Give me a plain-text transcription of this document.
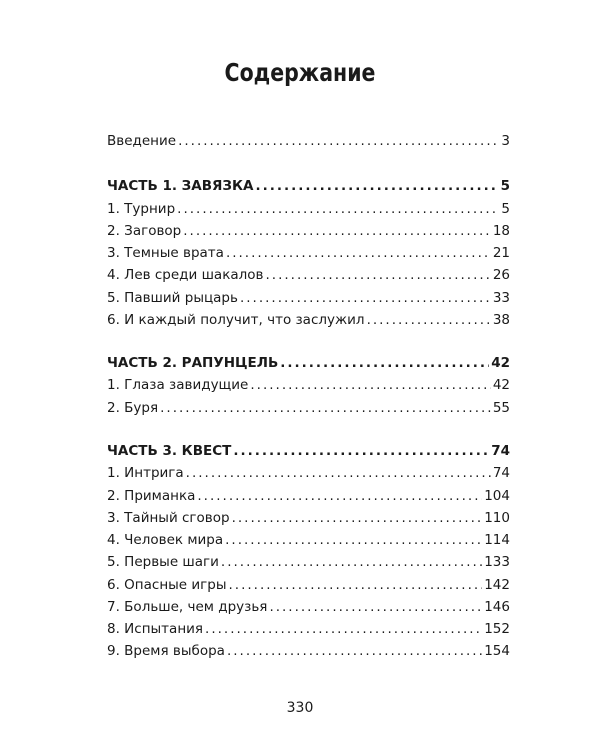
Содержание
Введение .....	3
ЧАСТЬ 1. ЗАВЯЗКА .....	5
1. Турнир .....	5
2. Заговор .....	18
3. Темные врата .....	21
4. Лев среди шакалов .....	26
5. Павший рыцарь .....	33
6. И каждый получит, что заслужил .....	38
ЧАСТЬ 2. РАПУНЦЕЛЬ .....	42
1. Глаза завидущие .....	42
2. Буря .....	55
ЧАСТЬ 3. КВЕСТ .....	74
1. Интрига .....	74
2. Приманка .....	104
3. Тайный сговор .....	110
4. Человек мира .....	114
5. Первые шаги .....	133
6. Опасные игры .....	142
7. Больше, чем друзья .....	146
8. Испытания .....	152
9. Время выбора .....	154
330
